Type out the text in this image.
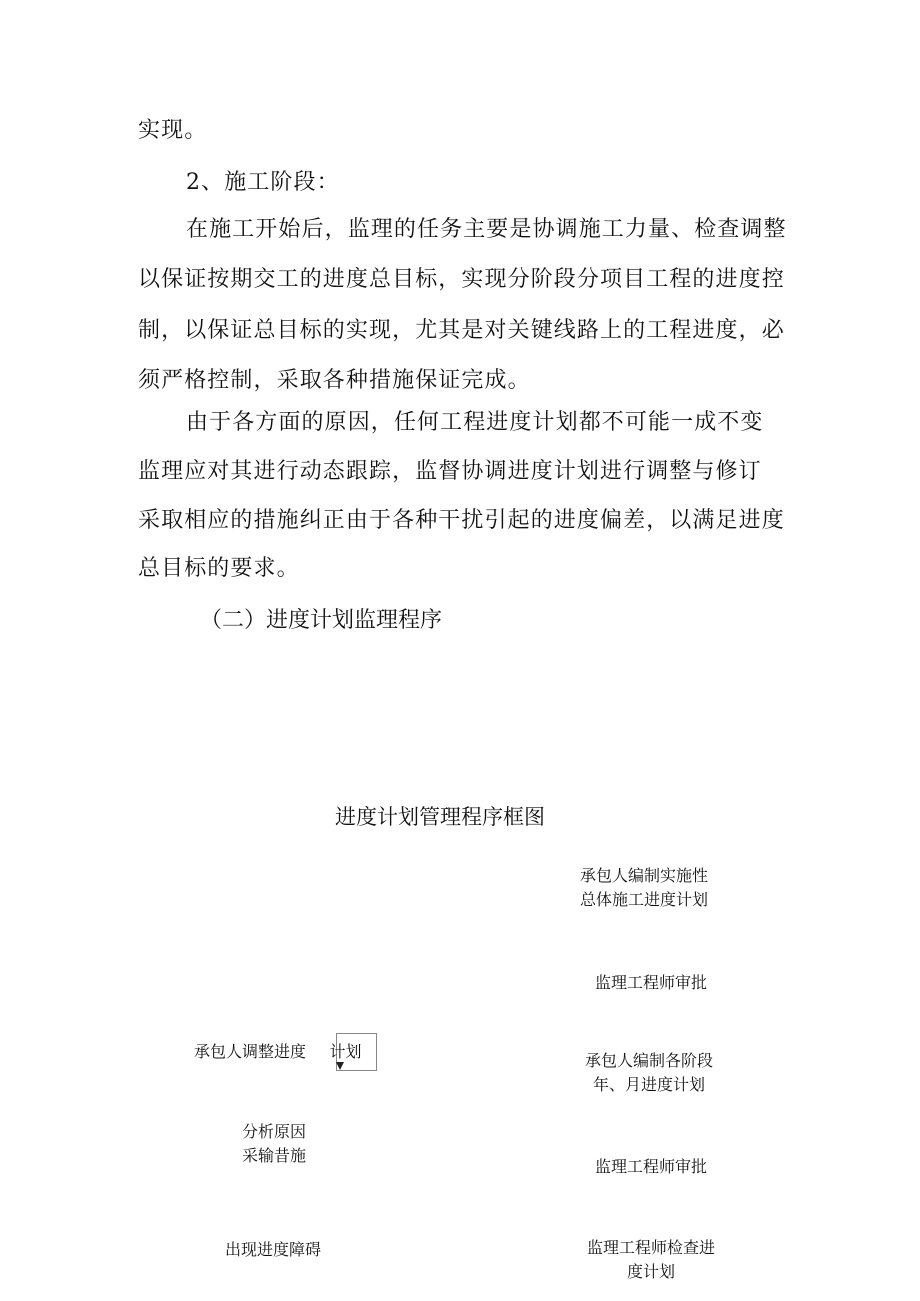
实现。
2、施工阶段：
在施工开始后，监理的任务主要是协调施工力量、检查调整
以保证按期交工的进度总目标，实现分阶段分项目工程的进度控
制，以保证总目标的实现，尤其是对关键线路上的工程进度，必
须严格控制，采取各种措施保证完成。
由于各方面的原因，任何工程进度计划都不可能一成不变
监理应对其进行动态跟踪，监督协调进度计划进行调整与修订
采取相应的措施纠正由于各种干扰引起的进度偏差，以满足进度
总目标的要求。
（二）进度计划监理程序
进度计划管理程序框图
承包人编制实施性
总体施工进度计划
监理工程师审批
承包人编制各阶段
年、月进度计划
监理工程师审批
监理工程师检查进
度计划
承包人调整进度 计划
分析原因
采输昔施
出现进度障碍
